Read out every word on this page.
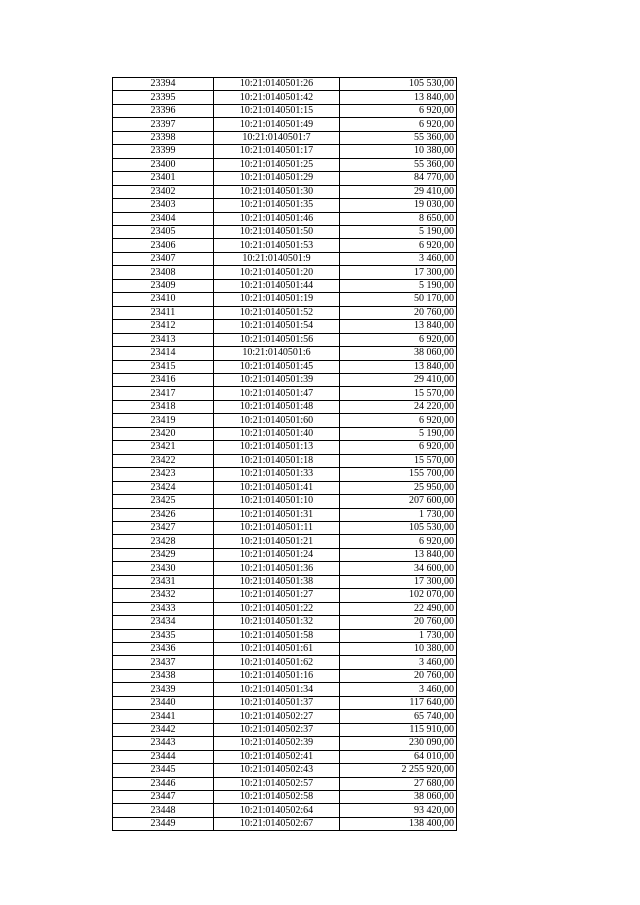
23394	10:21:0140501:26	105 530,00
23395	10:21:0140501:42	13 840,00
23396	10:21:0140501:15	6 920,00
23397	10:21:0140501:49	6 920,00
23398	10:21:0140501:7	55 360,00
23399	10:21:0140501:17	10 380,00
23400	10:21:0140501:25	55 360,00
23401	10:21:0140501:29	84 770,00
23402	10:21:0140501:30	29 410,00
23403	10:21:0140501:35	19 030,00
23404	10:21:0140501:46	8 650,00
23405	10:21:0140501:50	5 190,00
23406	10:21:0140501:53	6 920,00
23407	10:21:0140501:9	3 460,00
23408	10:21:0140501:20	17 300,00
23409	10:21:0140501:44	5 190,00
23410	10:21:0140501:19	50 170,00
23411	10:21:0140501:52	20 760,00
23412	10:21:0140501:54	13 840,00
23413	10:21:0140501:56	6 920,00
23414	10:21:0140501:6	38 060,00
23415	10:21:0140501:45	13 840,00
23416	10:21:0140501:39	29 410,00
23417	10:21:0140501:47	15 570,00
23418	10:21:0140501:48	24 220,00
23419	10:21:0140501:60	6 920,00
23420	10:21:0140501:40	5 190,00
23421	10:21:0140501:13	6 920,00
23422	10:21:0140501:18	15 570,00
23423	10:21:0140501:33	155 700,00
23424	10:21:0140501:41	25 950,00
23425	10:21:0140501:10	207 600,00
23426	10:21:0140501:31	1 730,00
23427	10:21:0140501:11	105 530,00
23428	10:21:0140501:21	6 920,00
23429	10:21:0140501:24	13 840,00
23430	10:21:0140501:36	34 600,00
23431	10:21:0140501:38	17 300,00
23432	10:21:0140501:27	102 070,00
23433	10:21:0140501:22	22 490,00
23434	10:21:0140501:32	20 760,00
23435	10:21:0140501:58	1 730,00
23436	10:21:0140501:61	10 380,00
23437	10:21:0140501:62	3 460,00
23438	10:21:0140501:16	20 760,00
23439	10:21:0140501:34	3 460,00
23440	10:21:0140501:37	117 640,00
23441	10:21:0140502:27	65 740,00
23442	10:21:0140502:37	115 910,00
23443	10:21:0140502:39	230 090,00
23444	10:21:0140502:41	64 010,00
23445	10:21:0140502:43	2 255 920,00
23446	10:21:0140502:57	27 680,00
23447	10:21:0140502:58	38 060,00
23448	10:21:0140502:64	93 420,00
23449	10:21:0140502:67	138 400,00
